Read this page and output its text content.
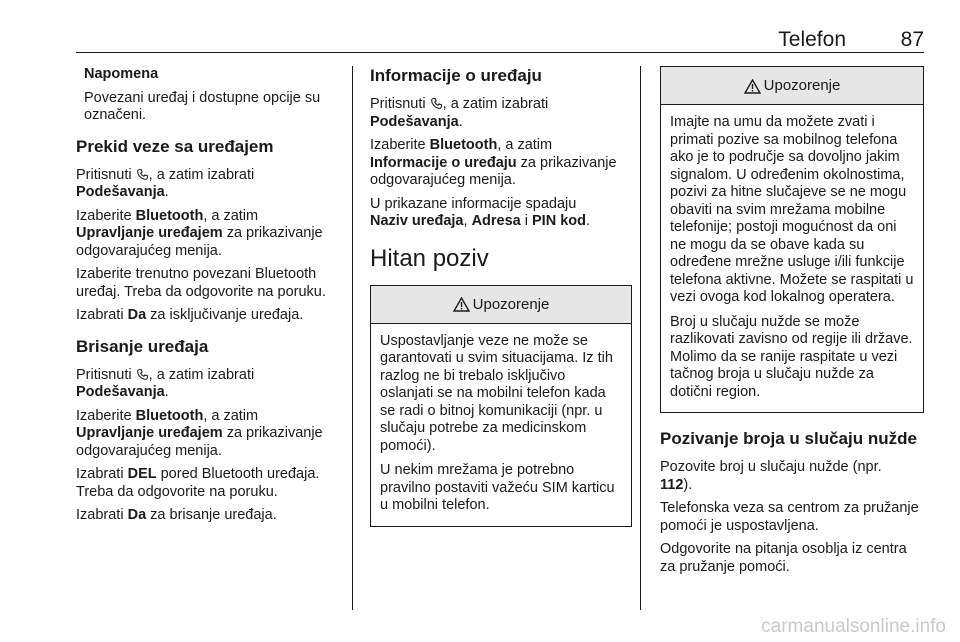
Telefon	87

Napomena

Povezani uređaj i dostupne opcije su označeni.

Prekid veze sa uređajem

Pritisnuti , a zatim izabrati
Podešavanja.

Izaberite Bluetooth, a zatim
Upravljanje uređajem za prikazivanje odgovarajućeg menija.

Izaberite trenutno povezani Bluetooth uređaj. Treba da odgovorite na poruku.

Izabrati Da za isključivanje uređaja.

Brisanje uređaja

Pritisnuti , a zatim izabrati
Podešavanja.

Izaberite Bluetooth, a zatim
Upravljanje uređajem za prikazivanje odgovarajućeg menija.

Izabrati DEL pored Bluetooth uređaja. Treba da odgovorite na poruku.

Izabrati Da za brisanje uređaja.

Informacije o uređaju

Pritisnuti , a zatim izabrati
Podešavanja.

Izaberite Bluetooth, a zatim
Informacije o uređaju za prikazivanje odgovarajućeg menija.

U prikazane informacije spadaju
Naziv uređaja, Adresa i PIN kod.

Hitan poziv
Upozorenje

Uspostavljanje veze ne može se garantovati u svim situacijama. Iz tih razlog ne bi trebalo isključivo oslanjati se na mobilni telefon kada se radi o bitnoj komunikaciji (npr. u slučaju potrebe za medicinskom pomoći).

U nekim mrežama je potrebno pravilno postaviti važeću SIM karticu u mobilni telefon.

Upozorenje

Imajte na umu da možete zvati i primati pozive sa mobilnog telefona ako je to područje sa dovoljno jakim signalom. U određenim okolnostima, pozivi za hitne slučajeve se ne mogu obaviti na svim mrežama mobilne telefonije; postoji mogućnost da oni ne mogu da se obave kada su određene mrežne usluge i/ili funkcije telefona aktivne. Možete se raspitati u vezi ovoga kod lokalnog operatera.

Broj u slučaju nužde se može razlikovati zavisno od regije ili države. Molimo da se ranije raspitate u vezi tačnog broja u slučaju nužde za dotični region.

Pozivanje broja u slučaju nužde

Pozovite broj u slučaju nužde (npr.
112).

Telefonska veza sa centrom za pružanje pomoći je uspostavljena.

Odgovorite na pitanja osoblja iz centra za pružanje pomoći.

carmanualsonline.info
